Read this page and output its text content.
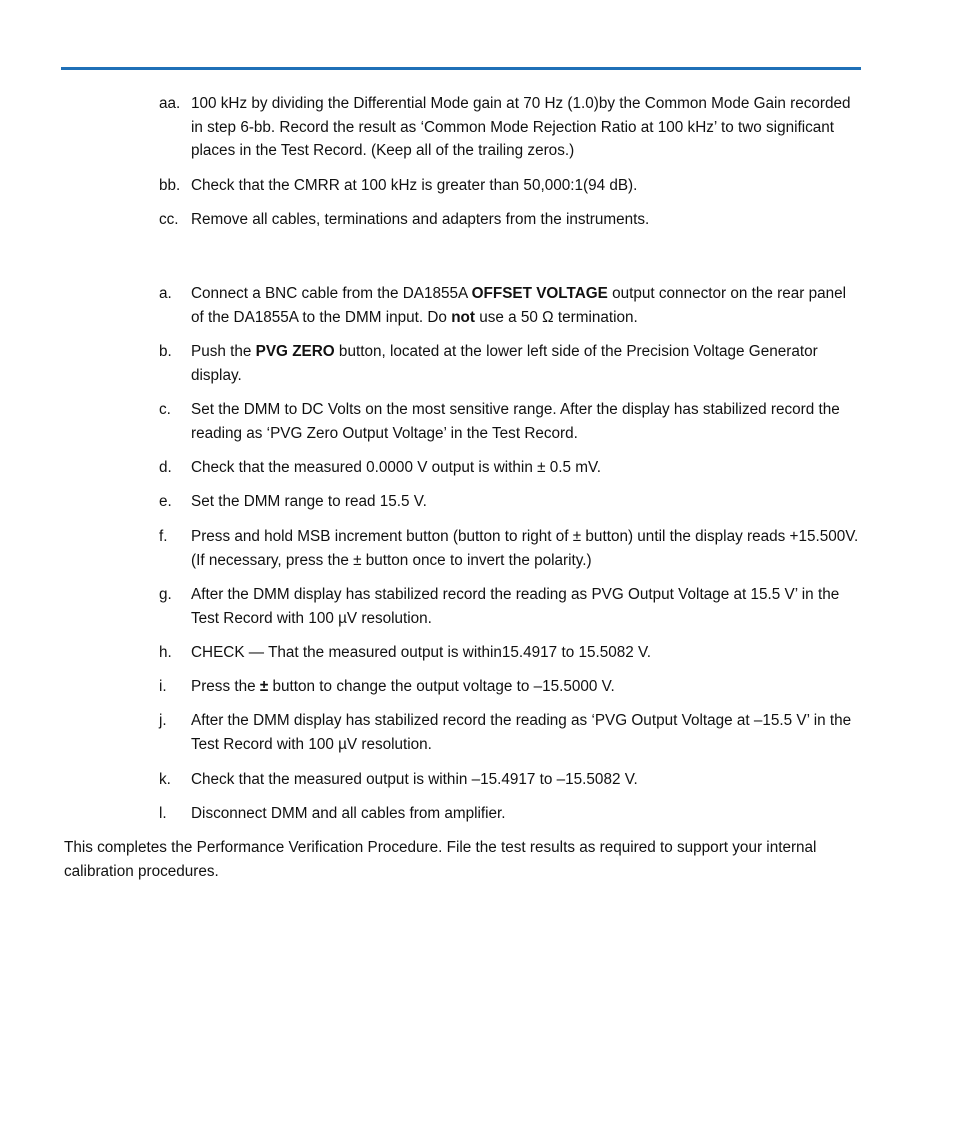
aa. 100 kHz by dividing the Differential Mode gain at 70 Hz (1.0)by the Common Mode Gain recorded in step 6-bb. Record the result as ‘Common Mode Rejection Ratio at 100 kHz’ to two significant places in the Test Record. (Keep all of the trailing zeros.)
bb. Check that the CMRR at 100 kHz is greater than 50,000:1(94 dB).
cc. Remove all cables, terminations and adapters from the instruments.
a. Connect a BNC cable from the DA1855A OFFSET VOLTAGE output connector on the rear panel of the DA1855A to the DMM input. Do not use a 50 Ω termination.
b. Push the PVG ZERO button, located at the lower left side of the Precision Voltage Generator display.
c. Set the DMM to DC Volts on the most sensitive range. After the display has stabilized record the reading as ‘PVG Zero Output Voltage’ in the Test Record.
d. Check that the measured 0.0000 V output is within ± 0.5 mV.
e. Set the DMM range to read 15.5 V.
f. Press and hold MSB increment button (button to right of ± button) until the display reads +15.500V. (If necessary, press the ± button once to invert the polarity.)
g. After the DMM display has stabilized record the reading as PVG Output Voltage at 15.5 V’ in the Test Record with 100 µV resolution.
h. CHECK — That the measured output is within15.4917 to 15.5082 V.
i. Press the ± button to change the output voltage to –15.5000 V.
j. After the DMM display has stabilized record the reading as ‘PVG Output Voltage at –15.5 V’ in the Test Record with 100 µV resolution.
k. Check that the measured output is within –15.4917 to –15.5082 V.
l. Disconnect DMM and all cables from amplifier.

This completes the Performance Verification Procedure. File the test results as required to support your internal calibration procedures.
